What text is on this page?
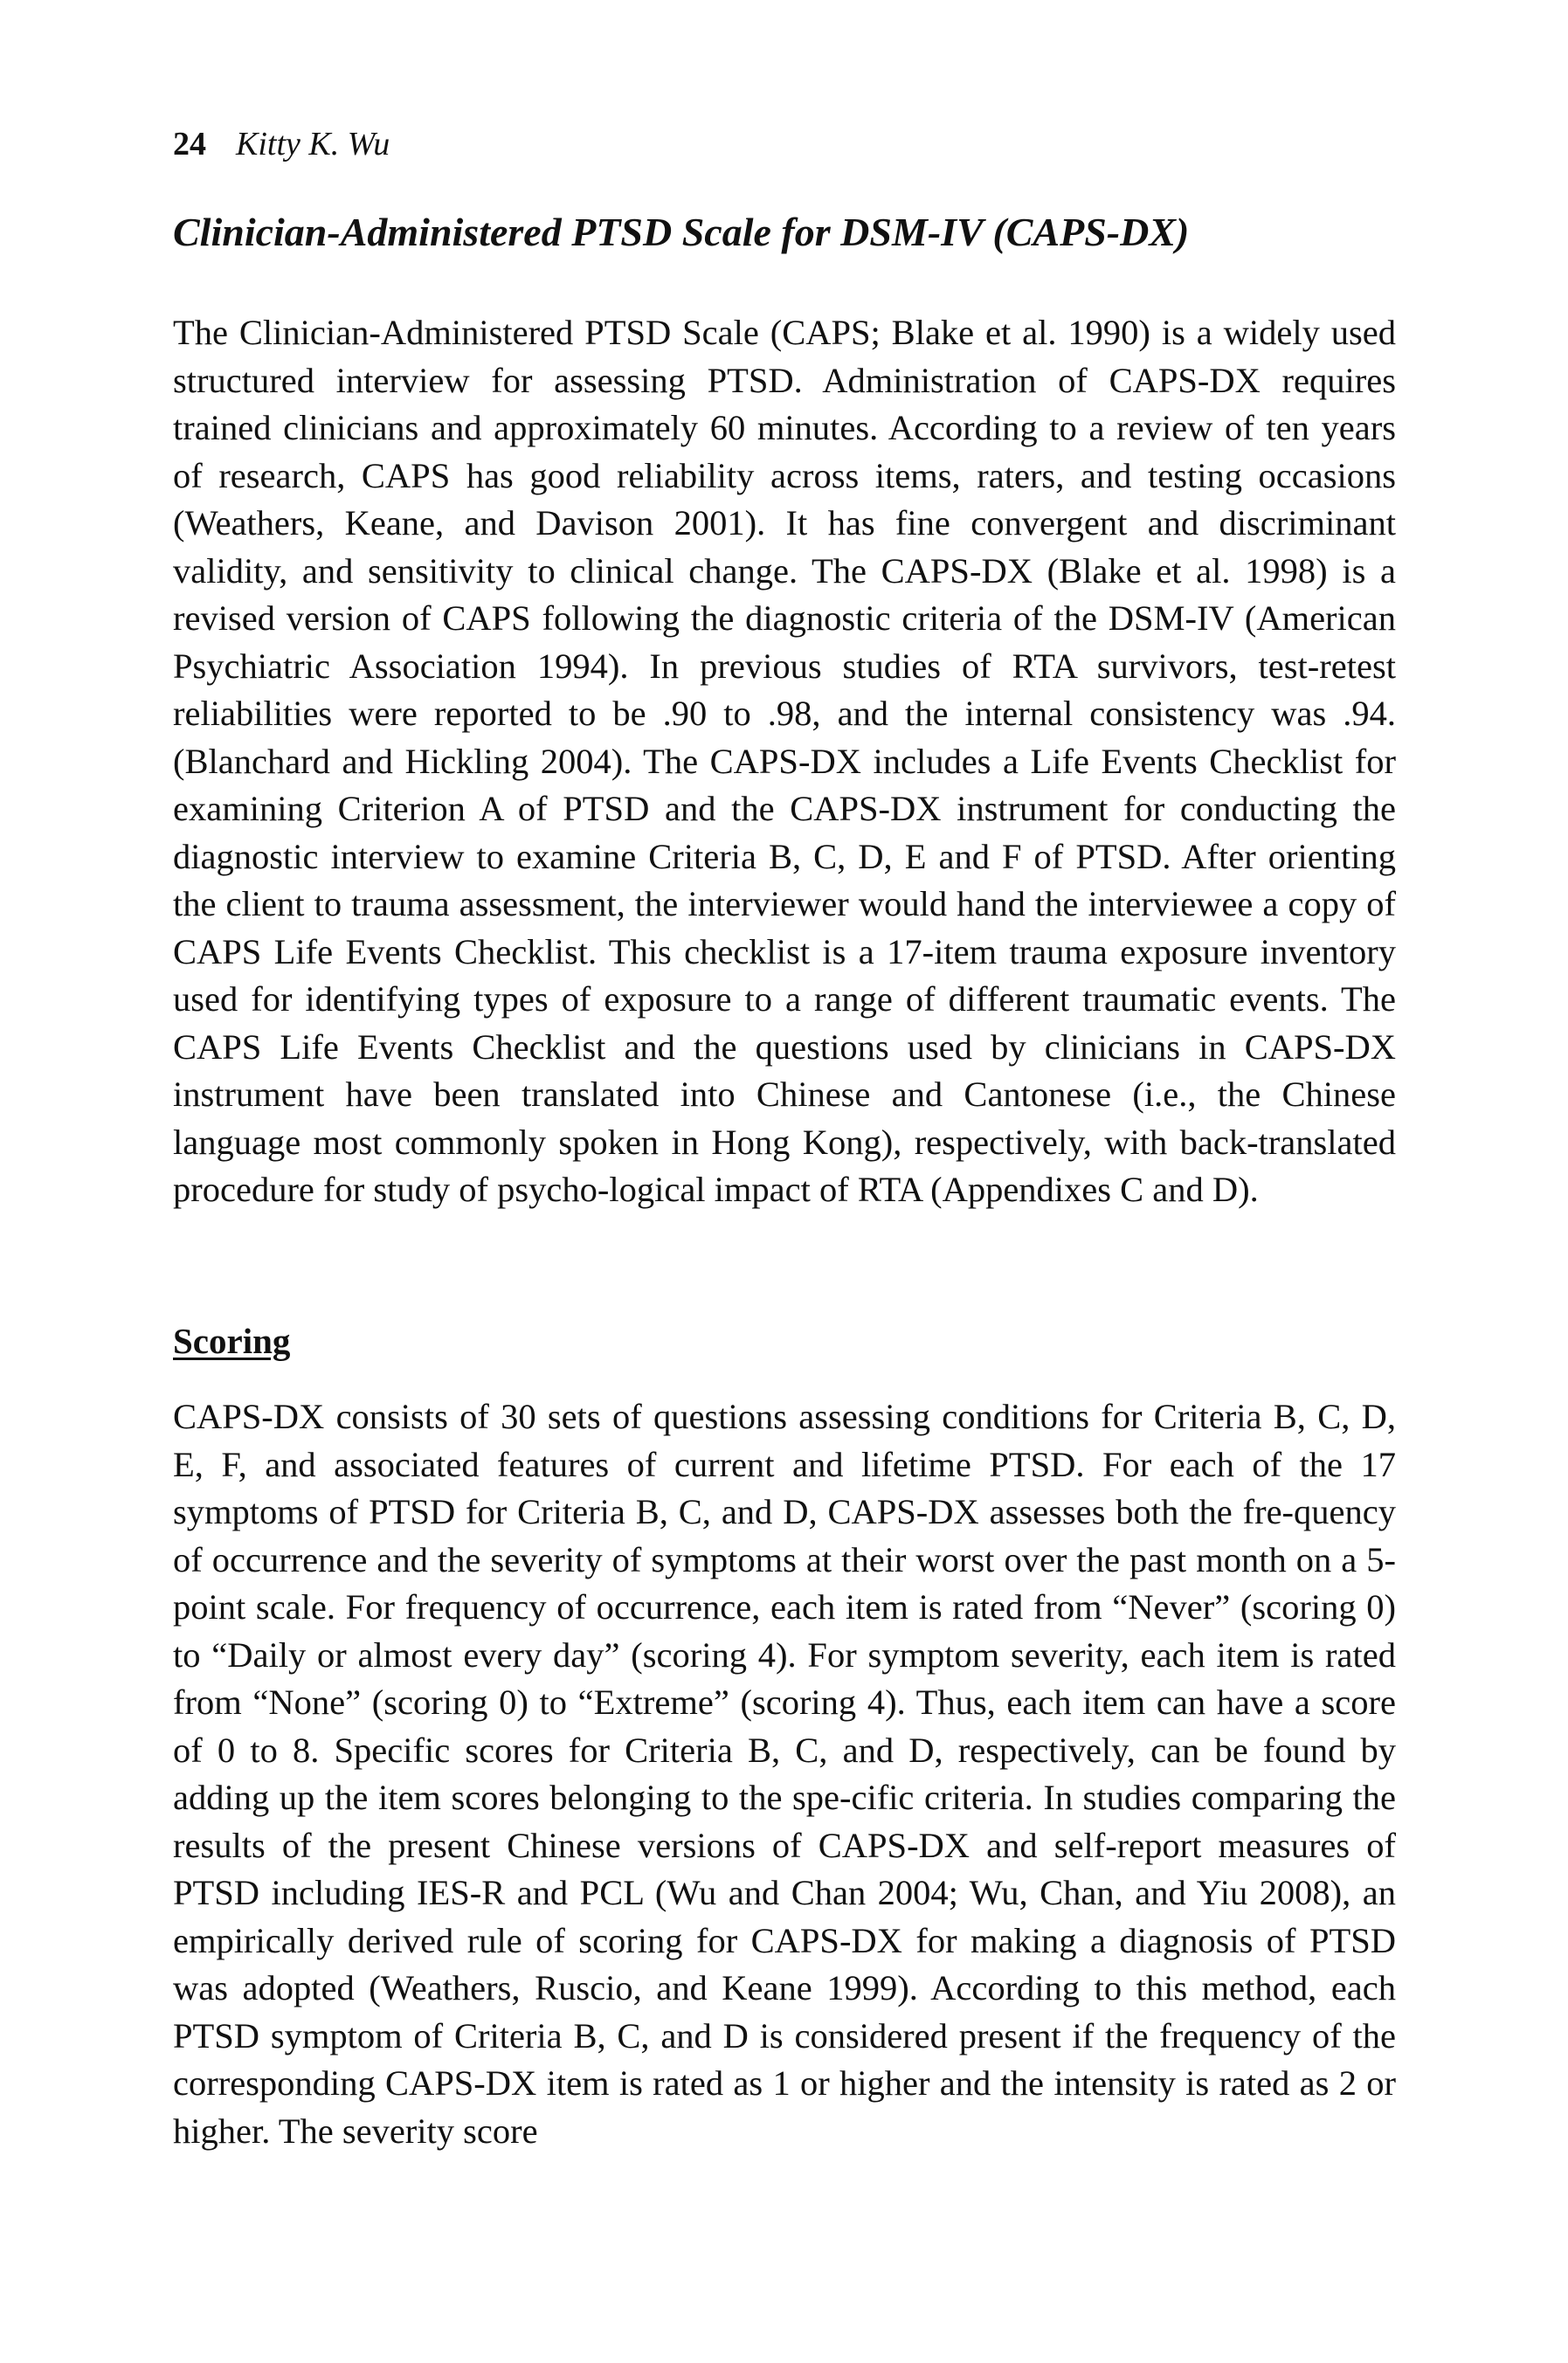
24 Kitty K. Wu
Clinician-Administered PTSD Scale for DSM-IV (CAPS-DX)

The Clinician-Administered PTSD Scale (CAPS; Blake et al. 1990) is a widely used structured interview for assessing PTSD. Administration of CAPS-DX requires trained clinicians and approximately 60 minutes. According to a review of ten years of research, CAPS has good reliability across items, raters, and testing occasions (Weathers, Keane, and Davison 2001). It has fine convergent and discriminant validity, and sensitivity to clinical change. The CAPS-DX (Blake et al. 1998) is a revised version of CAPS following the diagnostic criteria of the DSM-IV (American Psychiatric Association 1994). In previous studies of RTA survivors, test-retest reliabilities were reported to be .90 to .98, and the internal consistency was .94. (Blanchard and Hickling 2004). The CAPS-DX includes a Life Events Checklist for examining Criterion A of PTSD and the CAPS-DX instrument for conducting the diagnostic interview to examine Criteria B, C, D, E and F of PTSD. After orienting the client to trauma assessment, the interviewer would hand the interviewee a copy of CAPS Life Events Checklist. This checklist is a 17-item trauma exposure inventory used for identifying types of exposure to a range of different traumatic events. The CAPS Life Events Checklist and the questions used by clinicians in CAPS-DX instrument have been translated into Chinese and Cantonese (i.e., the Chinese language most commonly spoken in Hong Kong), respectively, with back-translated procedure for study of psycho-logical impact of RTA (Appendixes C and D).

Scoring

CAPS-DX consists of 30 sets of questions assessing conditions for Criteria B, C, D, E, F, and associated features of current and lifetime PTSD. For each of the 17 symptoms of PTSD for Criteria B, C, and D, CAPS-DX assesses both the fre-quency of occurrence and the severity of symptoms at their worst over the past month on a 5-point scale. For frequency of occurrence, each item is rated from “Never” (scoring 0) to “Daily or almost every day” (scoring 4). For symptom severity, each item is rated from “None” (scoring 0) to “Extreme” (scoring 4). Thus, each item can have a score of 0 to 8. Specific scores for Criteria B, C, and D, respectively, can be found by adding up the item scores belonging to the spe-cific criteria. In studies comparing the results of the present Chinese versions of CAPS-DX and self-report measures of PTSD including IES-R and PCL (Wu and Chan 2004; Wu, Chan, and Yiu 2008), an empirically derived rule of scoring for CAPS-DX for making a diagnosis of PTSD was adopted (Weathers, Ruscio, and Keane 1999). According to this method, each PTSD symptom of Criteria B, C, and D is considered present if the frequency of the corresponding CAPS-DX item is rated as 1 or higher and the intensity is rated as 2 or higher. The severity score
